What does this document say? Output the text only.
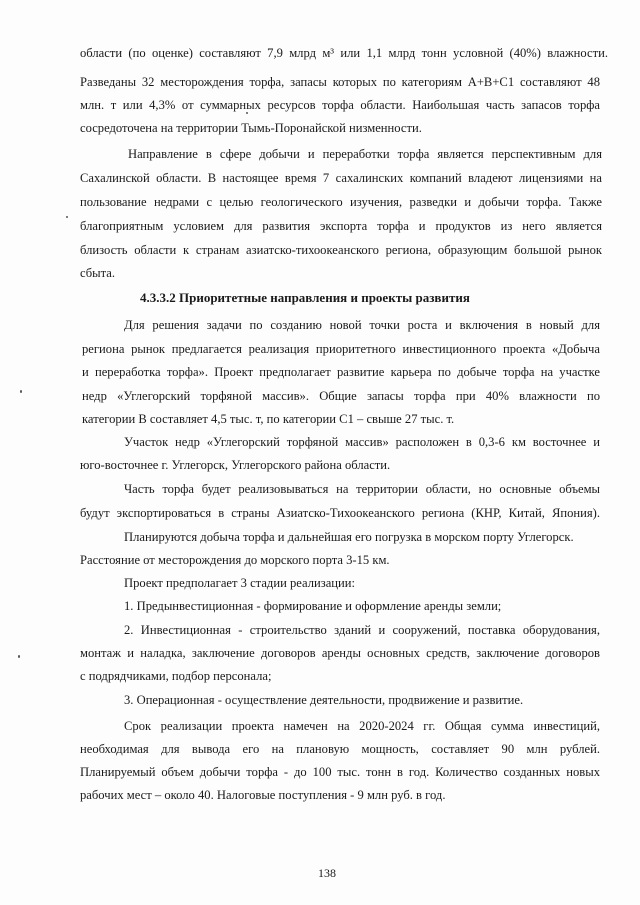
области (по оценке) составляют 7,9 млрд м³ или 1,1 млрд тонн условной (40%) влажности.

Разведаны 32 месторождения торфа, запасы которых по категориям А+В+С1 составляют 48

млн. т или 4,3% от суммарных ресурсов торфа области. Наибольшая часть запасов торфа

сосредоточена на территории Тымь-Поронайской низменности.

Направление в сфере добычи и переработки торфа является перспективным для

Сахалинской области. В настоящее время 7 сахалинских компаний владеют лицензиями на

пользование недрами с целью геологического изучения, разведки и добычи торфа. Также

благоприятным условием для развития экспорта торфа и продуктов из него является

близость области к странам азиатско-тихоокеанского региона, образующим большой рынок

сбыта.

4.3.3.2 Приоритетные направления и проекты развития

Для решения задачи по созданию новой точки роста и включения в новый для

региона рынок предлагается реализация приоритетного инвестиционного проекта «Добыча

и переработка торфа». Проект предполагает развитие карьера по добыче торфа на участке

недр «Углегорский торфяной массив». Общие запасы торфа при 40% влажности по

категории В составляет 4,5 тыс. т, по категории С1 – свыше 27 тыс. т.

Участок недр «Углегорский торфяной массив» расположен в 0,3-6 км восточнее и

юго-восточнее г. Углегорск, Углегорского района области.

Часть торфа будет реализовываться на территории области, но основные объемы

будут экспортироваться в страны Азиатско-Тихоокеанского региона (КНР, Китай, Япония).

Планируются добыча торфа и дальнейшая его погрузка в морском порту Углегорск.

Расстояние от месторождения до морского порта 3-15 км.

Проект предполагает 3 стадии реализации:

1. Предынвестиционная - формирование и оформление аренды земли;

2. Инвестиционная - строительство зданий и сооружений, поставка оборудования,

монтаж и наладка, заключение договоров аренды основных средств, заключение договоров

с подрядчиками, подбор персонала;

3. Операционная - осуществление деятельности, продвижение и развитие.

Срок реализации проекта намечен на 2020-2024 гг. Общая сумма инвестиций,

необходимая для вывода его на плановую мощность, составляет 90 млн рублей.

Планируемый объем добычи торфа - до 100 тыс. тонн в год. Количество созданных новых

рабочих мест – около 40. Налоговые поступления - 9 млн руб. в год.

138
